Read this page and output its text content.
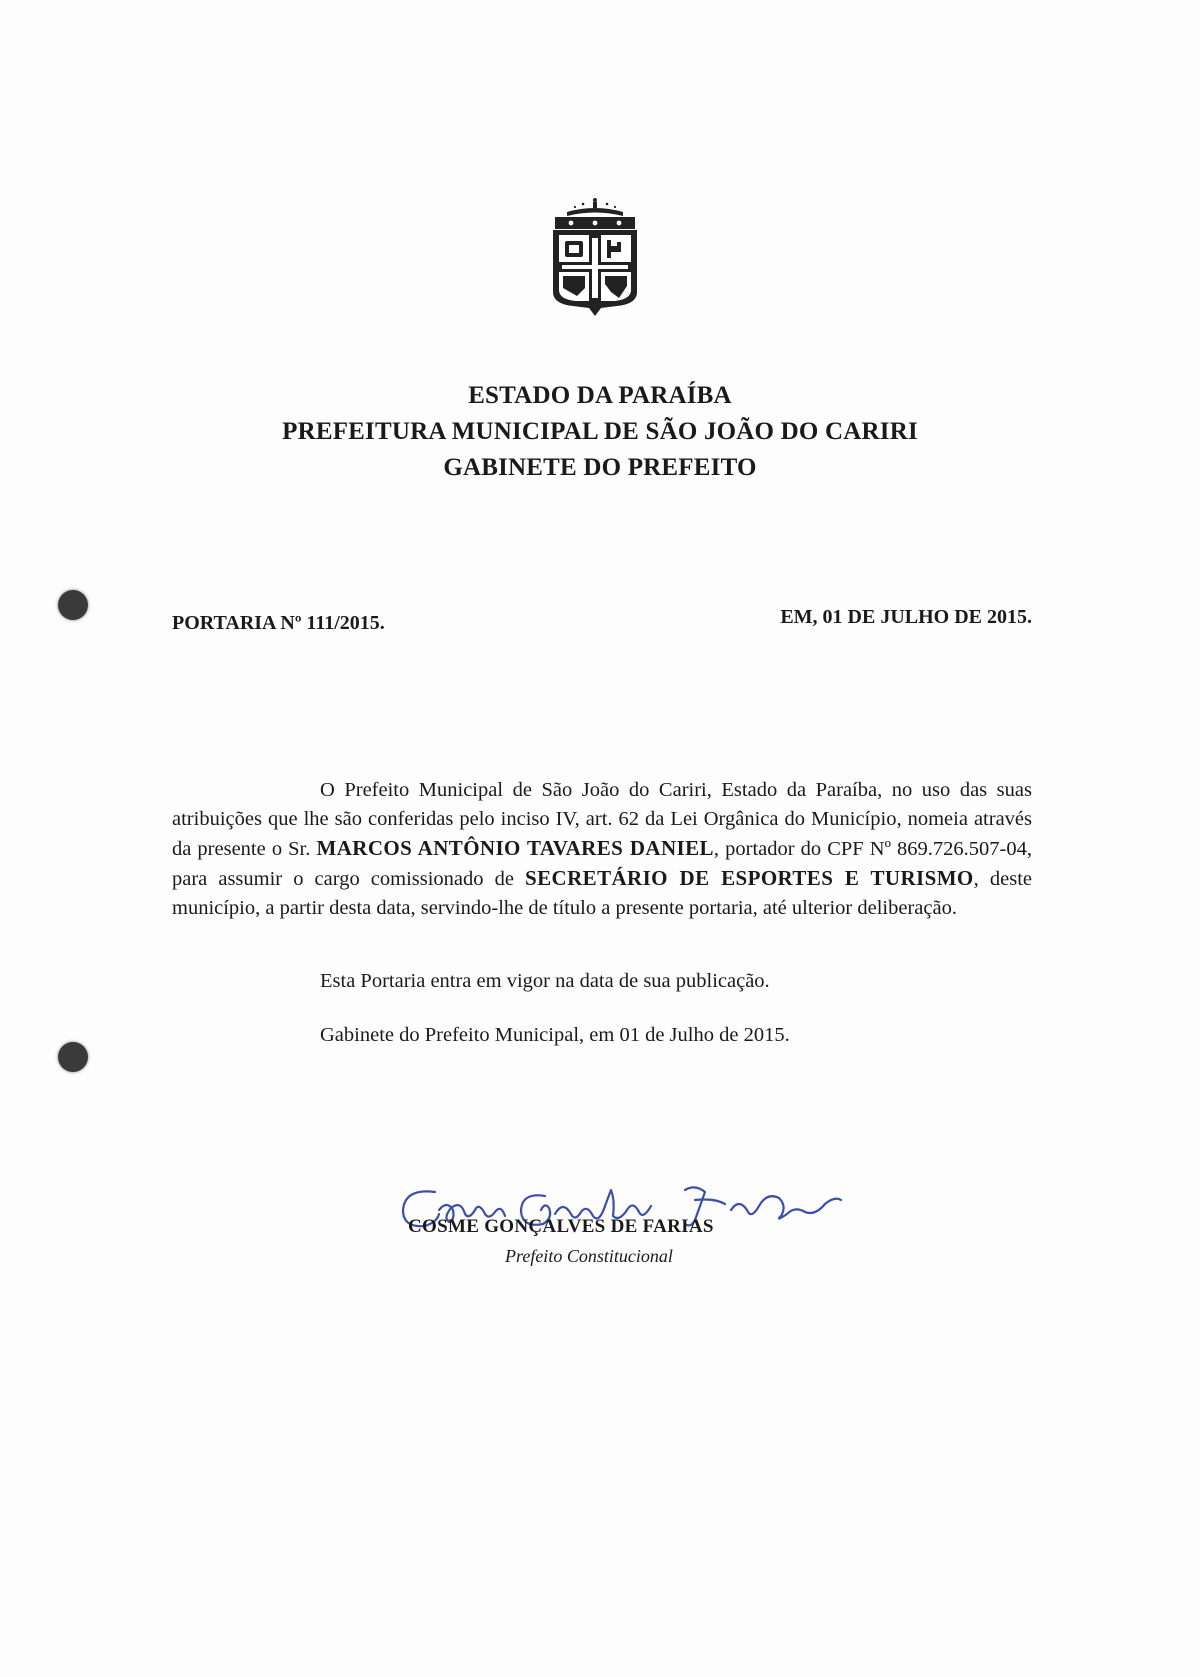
ESTADO DA PARAÍBA
PREFEITURA MUNICIPAL DE SÃO JOÃO DO CARIRI
GABINETE DO PREFEITO
PORTARIA Nº 111/2015.	EM, 01 DE JULHO DE 2015.
O Prefeito Municipal de São João do Cariri, Estado da Paraíba, no uso das suas atribuições que lhe são conferidas pelo inciso IV, art. 62 da Lei Orgânica do Município, nomeia através da presente o Sr. MARCOS ANTÔNIO TAVARES DANIEL, portador do CPF Nº 869.726.507-04, para assumir o cargo comissionado de SECRETÁRIO DE ESPORTES E TURISMO, deste município, a partir desta data, servindo-lhe de título a presente portaria, até ulterior deliberação.
Esta Portaria entra em vigor na data de sua publicação.
Gabinete do Prefeito Municipal, em 01 de Julho de 2015.
COSME GONÇALVES DE FARIAS
Prefeito Constitucional
